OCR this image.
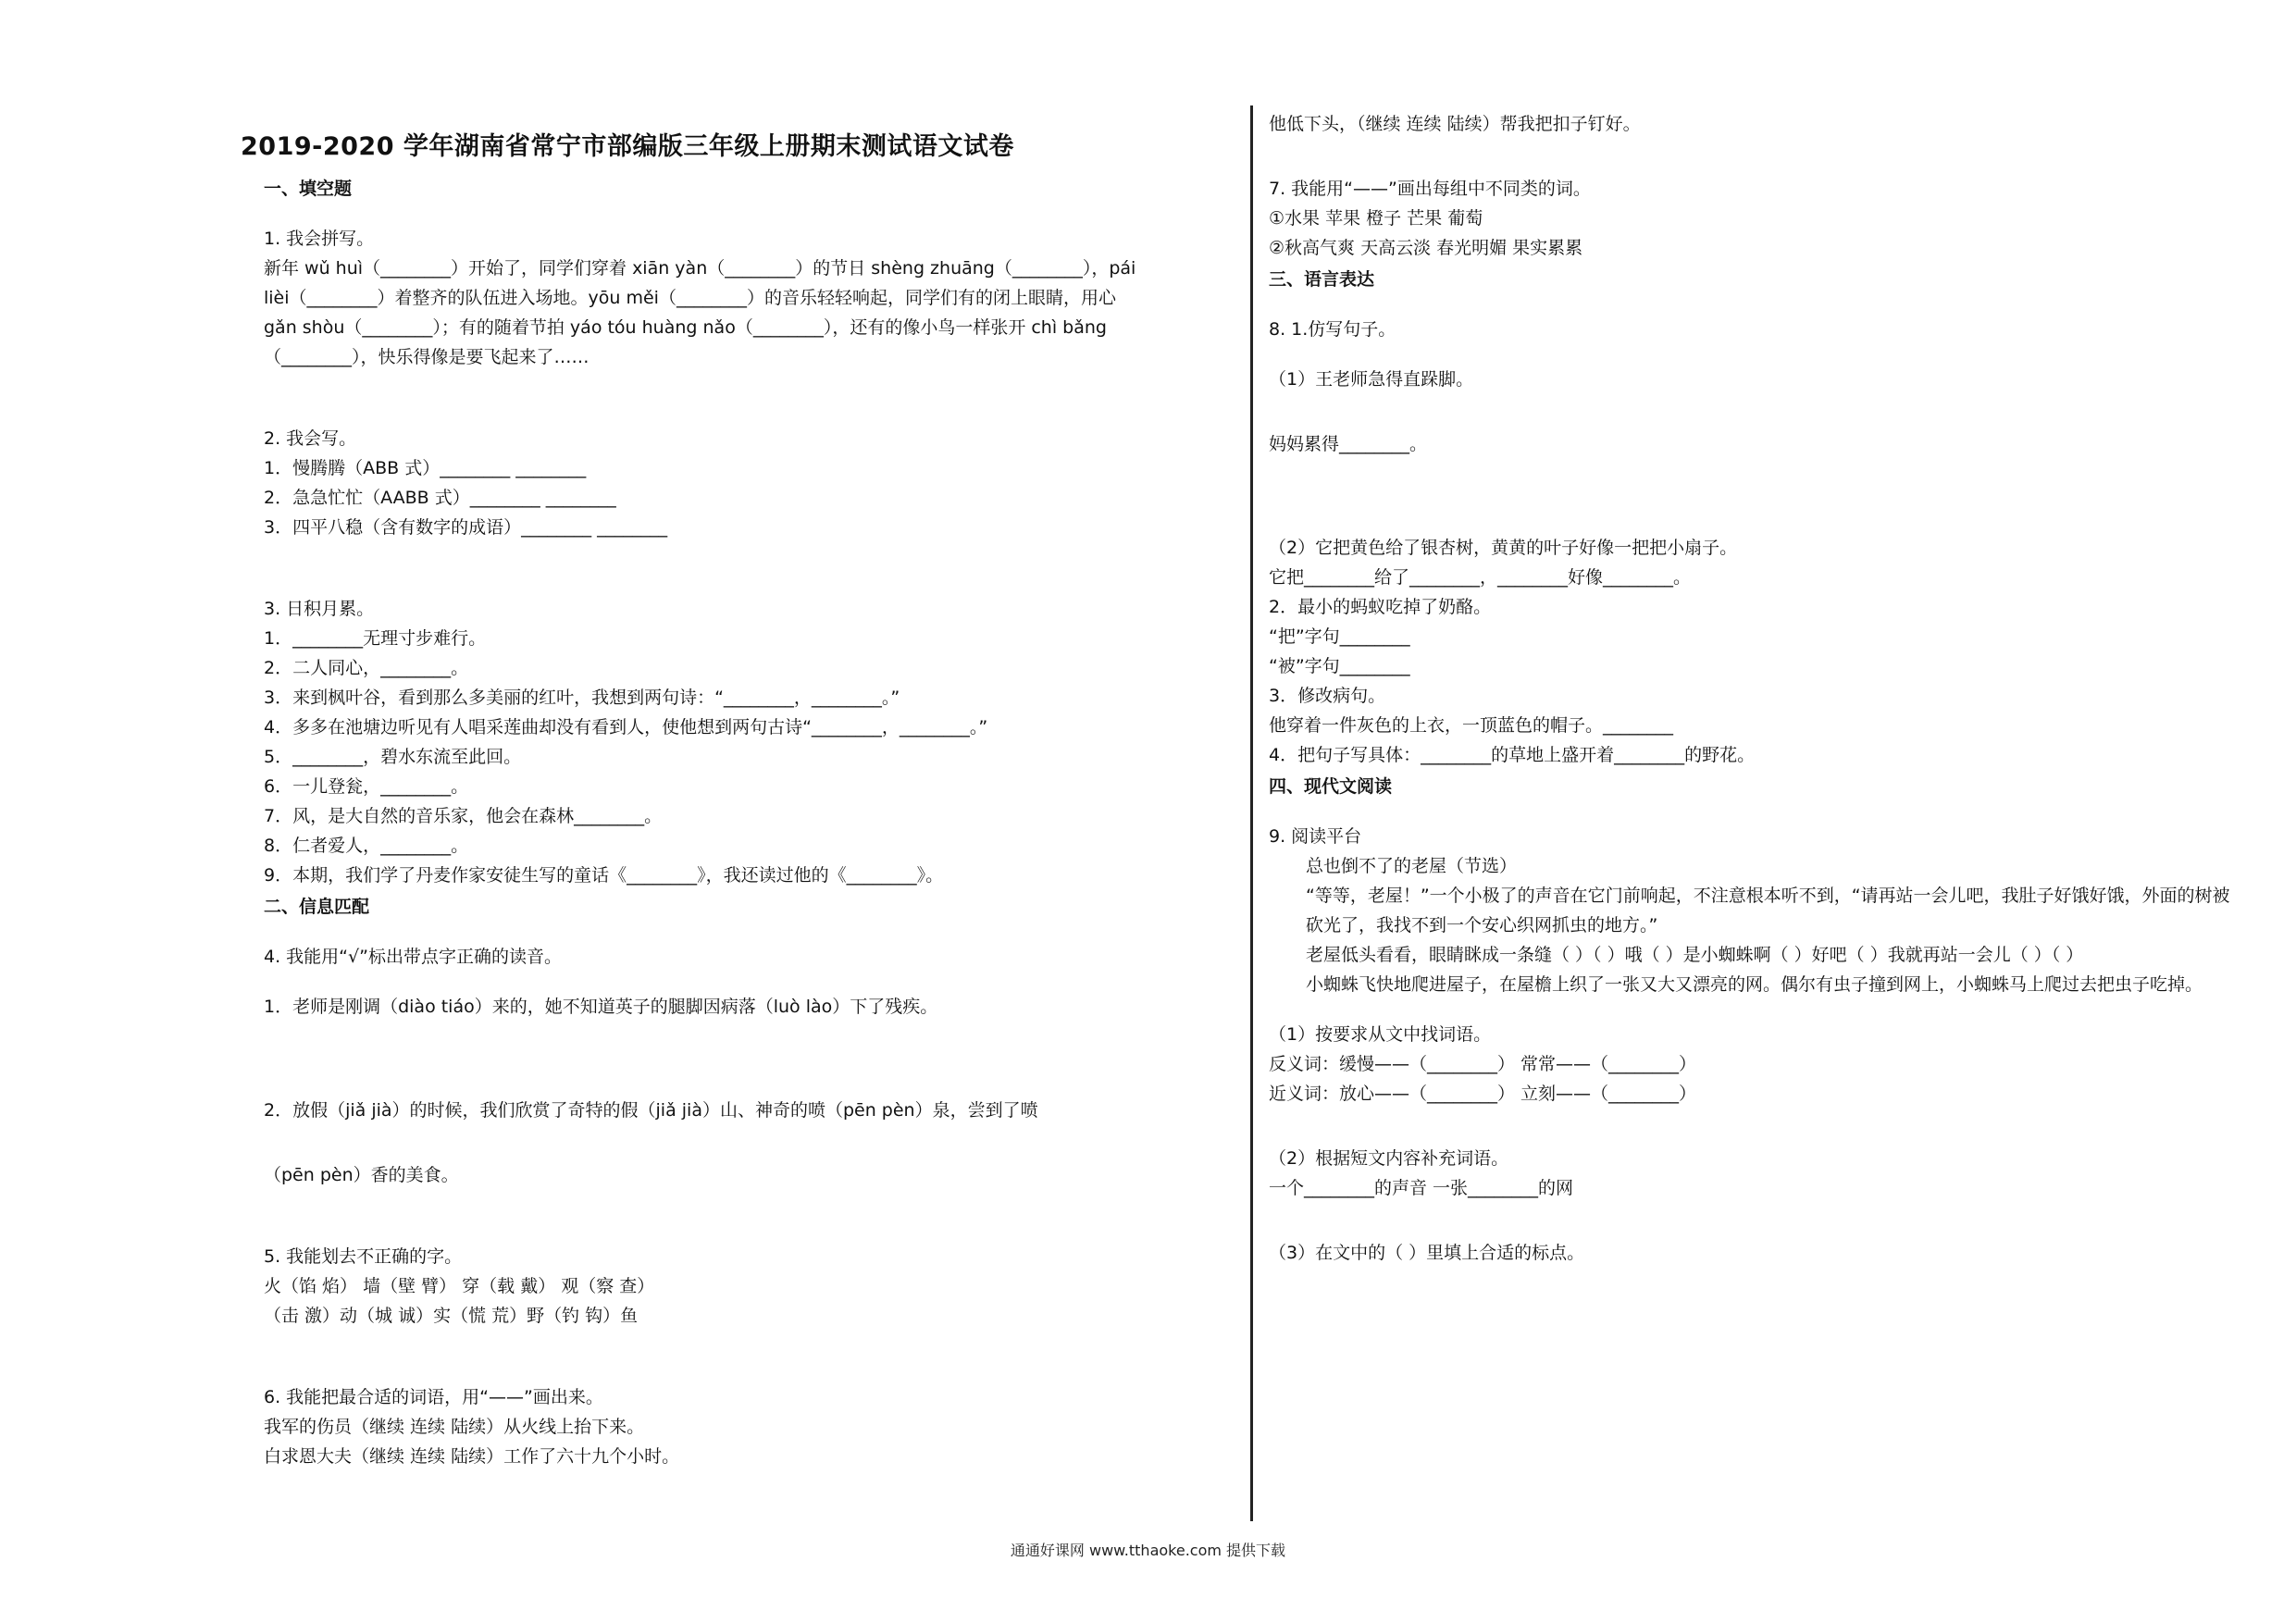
2019-2020 学年湖南省常宁市部编版三年级上册期末测试语文试卷
一、填空题
1. 我会拼写。
新年 wǔ huì（________）开始了，同学们穿着 xiān yàn（________）的节日 shèng zhuāng（________），pái lièi（________）着整齐的队伍进入场地。yōu měi（________）的音乐轻轻响起，同学们有的闭上眼睛，用心 gǎn shòu（________）；有的随着节拍 yáo tóu huàng nǎo（________），还有的像小鸟一样张开 chì bǎng（________），快乐得像是要飞起来了……
2. 我会写。
1．慢腾腾（ABB 式）________ ________
2．急急忙忙（AABB 式）________ ________
3．四平八稳（含有数字的成语）________ ________
3. 日积月累。
1．________无理寸步难行。
2．二人同心，________。
3．来到枫叶谷，看到那么多美丽的红叶，我想到两句诗：“________，________。”
4．多多在池塘边听见有人唱采莲曲却没有看到人，使他想到两句古诗“________，________。”
5．________，碧水东流至此回。
6．一儿登瓮，________。
7．风，是大自然的音乐家，他会在森林________。
8．仁者爱人，________。
9．本期，我们学了丹麦作家安徒生写的童话《________》，我还读过他的《________》。
二、信息匹配
4. 我能用“√”标出带点字正确的读音。
1．老师是刚调（diào tiáo）来的，她不知道英子的腿脚因病落（luò lào）下了残疾。
2．放假（jiǎ jià）的时候，我们欣赏了奇特的假（jiǎ jià）山、神奇的喷（pēn pèn）泉，尝到了喷
（pēn pèn）香的美食。
5. 我能划去不正确的字。
火（馅 焰） 墙（壁 臂） 穿（载 戴） 观（察 查）
（击 激）动（城 诚）实（慌 荒）野（钓 钩）鱼
6. 我能把最合适的词语，用“——”画出来。
我军的伤员（继续 连续 陆续）从火线上抬下来。
白求恩大夫（继续 连续 陆续）工作了六十九个小时。
他低下头，（继续 连续 陆续）帮我把扣子钉好。
7. 我能用“——”画出每组中不同类的词。
①水果 苹果 橙子 芒果 葡萄
②秋高气爽 天高云淡 春光明媚 果实累累
三、语言表达
8. 1.仿写句子。
（1）王老师急得直跺脚。
妈妈累得________。
（2）它把黄色给了银杏树，黄黄的叶子好像一把把小扇子。
它把________给了________，________好像________。
2．最小的蚂蚁吃掉了奶酪。
“把”字句________
“被”字句________
3．修改病句。
他穿着一件灰色的上衣，一顶蓝色的帽子。________
4．把句子写具体：________的草地上盛开着________的野花。
四、现代文阅读
9. 阅读平台
总也倒不了的老屋（节选）
“等等，老屋！”一个小极了的声音在它门前响起，不注意根本听不到，“请再站一会儿吧，我肚子好饿好饿，外面的树被砍光了，我找不到一个安心织网抓虫的地方。”
老屋低头看看，眼睛眯成一条缝（ ）（ ）哦（ ）是小蜘蛛啊（ ）好吧（ ）我就再站一会儿（ ）（ ）
小蜘蛛飞快地爬进屋子，在屋檐上织了一张又大又漂亮的网。偶尔有虫子撞到网上，小蜘蛛马上爬过去把虫子吃掉。
（1）按要求从文中找词语。
反义词：缓慢——（________） 常常——（________）
近义词：放心——（________） 立刻——（________）
（2）根据短文内容补充词语。
一个________的声音 一张________的网
（3）在文中的（ ）里填上合适的标点。
通通好课网 www.tthaoke.com 提供下载
